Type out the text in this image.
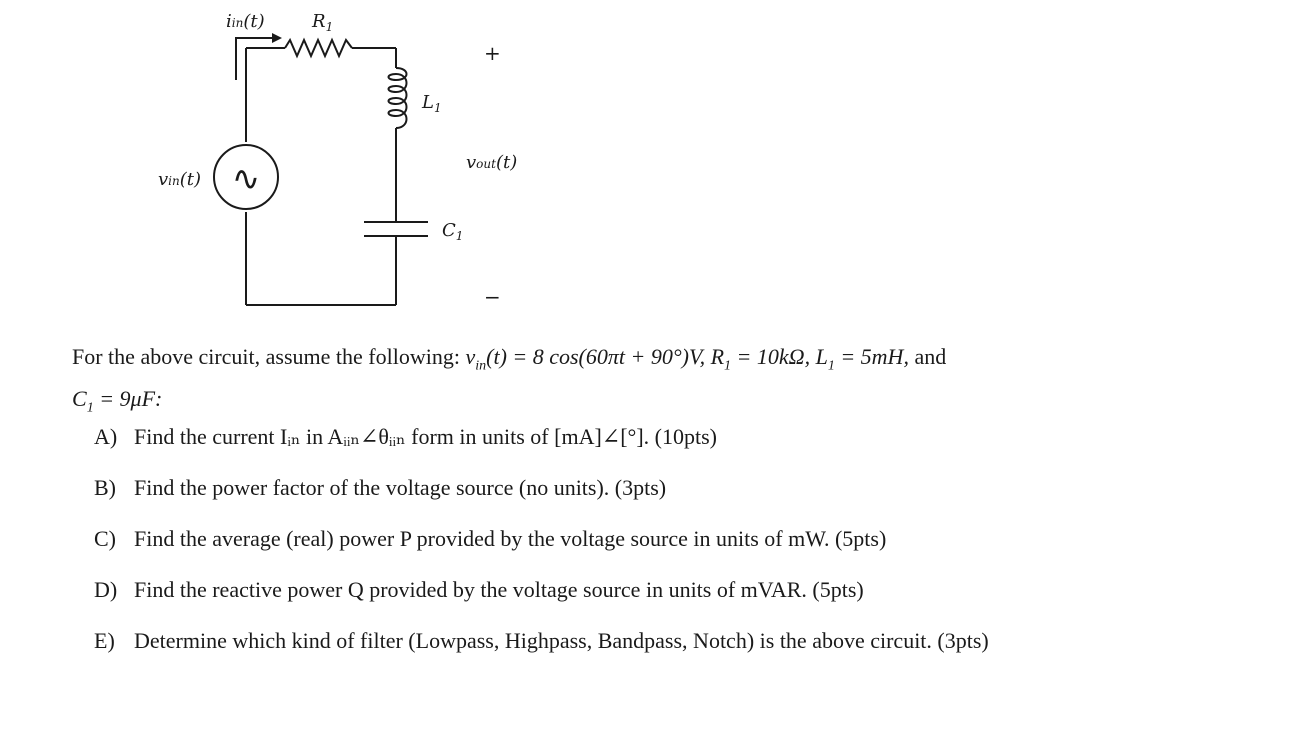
∿
iin(t)	$R_1$
$L_1$
$C_1$
vin(t)
vout(t)
+
−
For the above circuit, assume the following: $v_{in}(t) = 8$ cos(60πt + 90°)V, $R_1 = 10k\Omega$, $L_1 = 5mH$, and
$C_1 = 9\mu F$:
A) Find the current Iᵢₙ in Aᵢᵢₙ∠θᵢᵢₙ form in units of [mA]∠[°]. (10pts)
B) Find the power factor of the voltage source (no units). (3pts)
C) Find the average (real) power P provided by the voltage source in units of mW. (5pts)
D) Find the reactive power Q provided by the voltage source in units of mVAR. (5pts)
E) Determine which kind of filter (Lowpass, Highpass, Bandpass, Notch) is the above circuit. (3pts)
